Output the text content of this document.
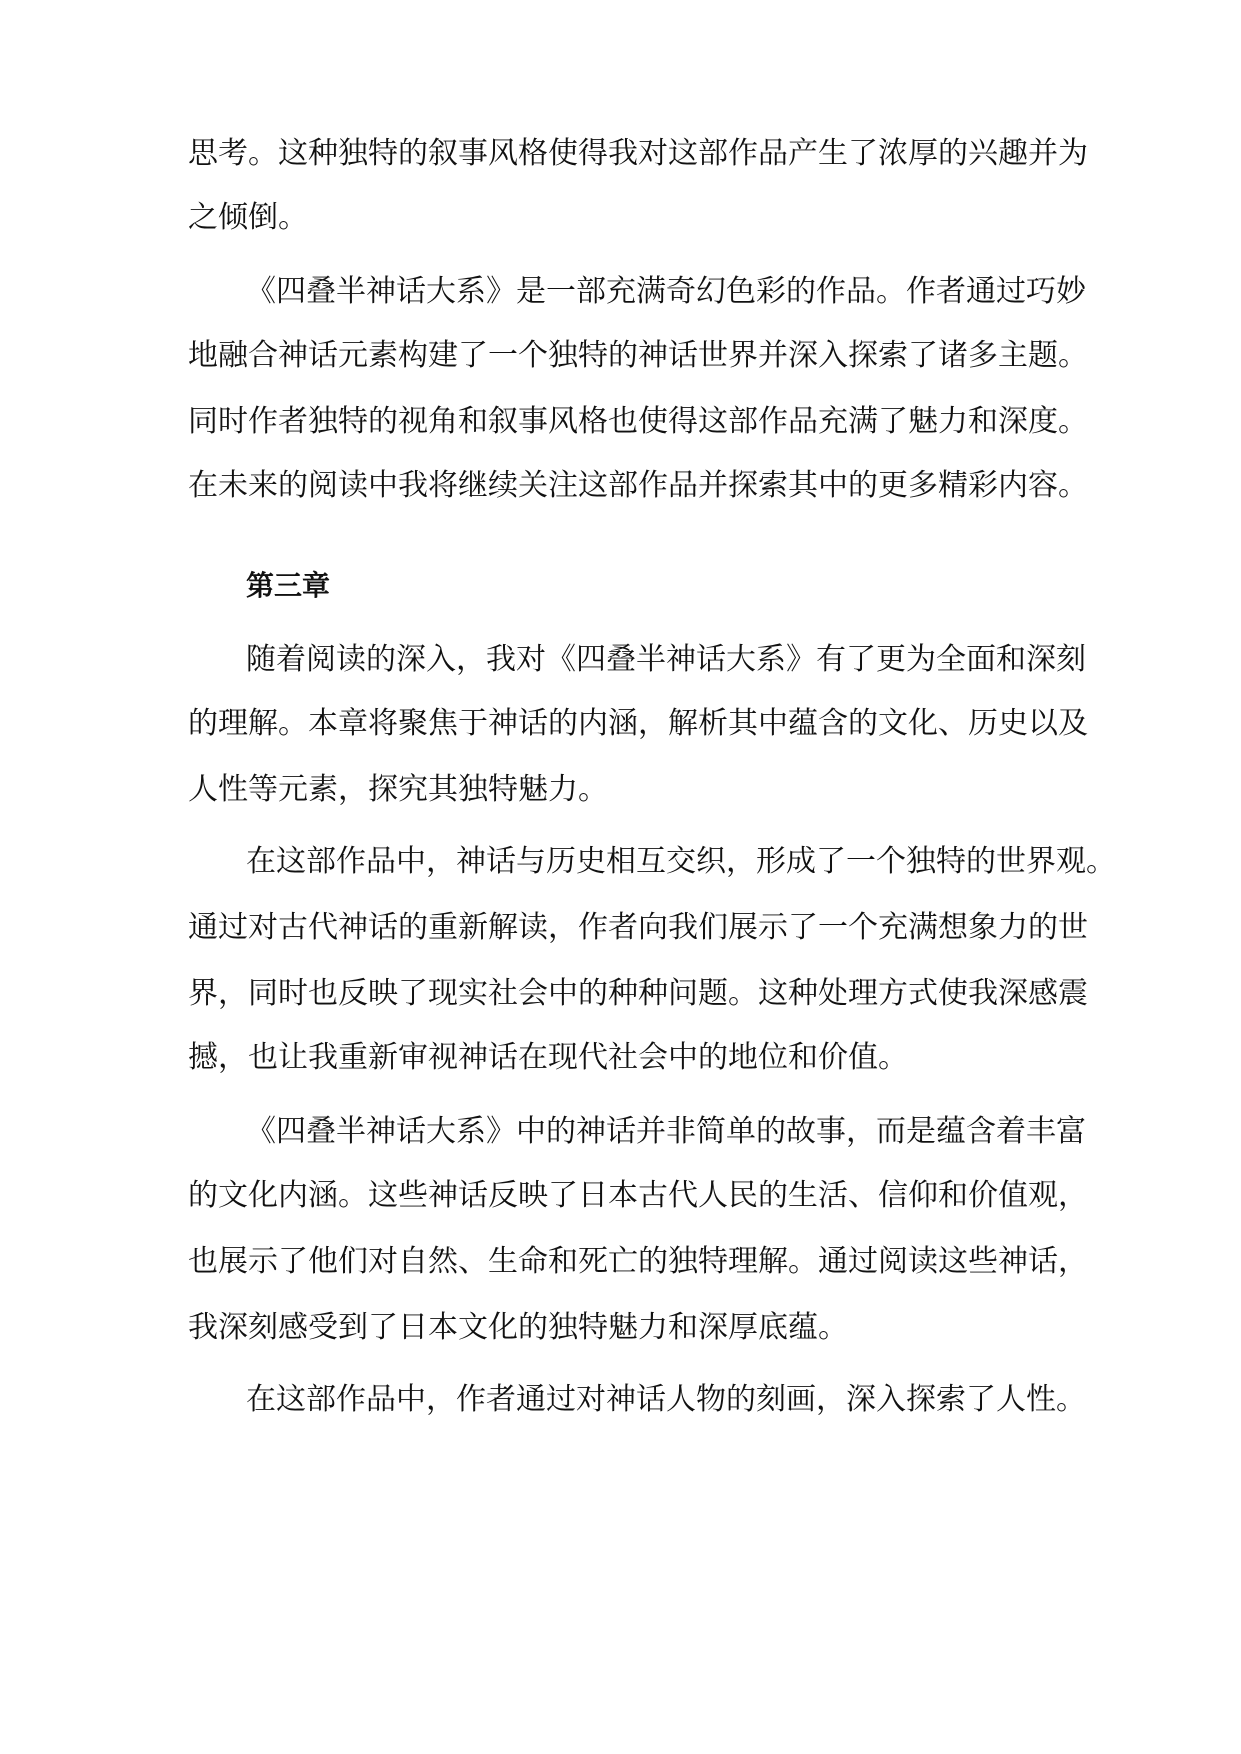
思考。这种独特的叙事风格使得我对这部作品产生了浓厚的兴趣并为
之倾倒。
《四叠半神话大系》是一部充满奇幻色彩的作品。作者通过巧妙
地融合神话元素构建了一个独特的神话世界并深入探索了诸多主题。
同时作者独特的视角和叙事风格也使得这部作品充满了魅力和深度。
在未来的阅读中我将继续关注这部作品并探索其中的更多精彩内容。
第三章
随着阅读的深入，我对《四叠半神话大系》有了更为全面和深刻
的理解。本章将聚焦于神话的内涵，解析其中蕴含的文化、历史以及
人性等元素，探究其独特魅力。
在这部作品中，神话与历史相互交织，形成了一个独特的世界观。
通过对古代神话的重新解读，作者向我们展示了一个充满想象力的世
界，同时也反映了现实社会中的种种问题。这种处理方式使我深感震
撼，也让我重新审视神话在现代社会中的地位和价值。
《四叠半神话大系》中的神话并非简单的故事，而是蕴含着丰富
的文化内涵。这些神话反映了日本古代人民的生活、信仰和价值观，
也展示了他们对自然、生命和死亡的独特理解。通过阅读这些神话，
我深刻感受到了日本文化的独特魅力和深厚底蕴。
在这部作品中，作者通过对神话人物的刻画，深入探索了人性。
